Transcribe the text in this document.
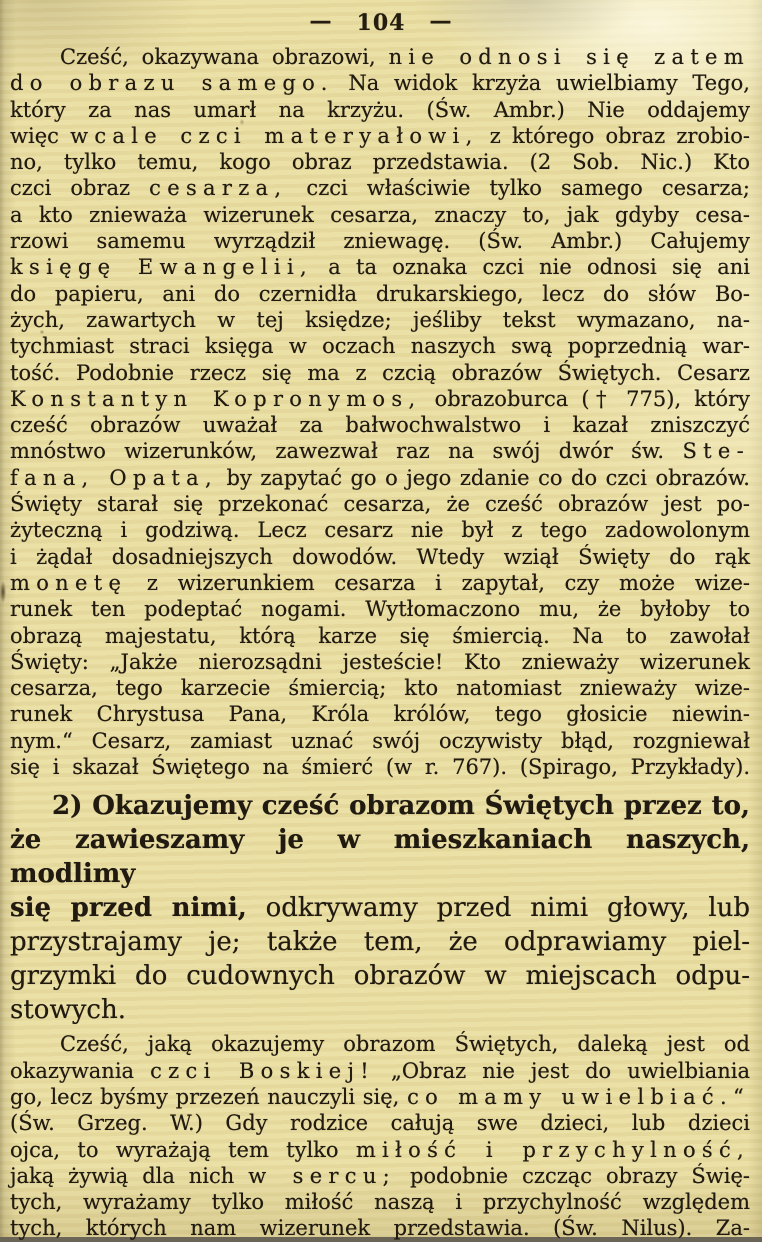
— 104 —
Cześć, okazywana obrazowi, nie odnosi się zatem
do obrazu samego. Na widok krzyża uwielbiamy Tego,
który za nas umarł na krzyżu. (Św. Ambr.) Nie oddajemy
więc wcale czci materyałowi, z którego obraz zrobio-
no, tylko temu, kogo obraz przedstawia. (2 Sob. Nic.) Kto
czci obraz cesarza, czci właściwie tylko samego cesarza;
a kto znieważa wizerunek cesarza, znaczy to, jak gdyby cesa-
rzowi samemu wyrządził zniewagę. (Św. Ambr.) Całujemy
księgę Ewangelii, a ta oznaka czci nie odnosi się ani
do papieru, ani do czernidła drukarskiego, lecz do słów Bo-
żych, zawartych w tej księdze; jeśliby tekst wymazano, na-
tychmiast straci księga w oczach naszych swą poprzednią war-
tość. Podobnie rzecz się ma z czcią obrazów Świętych. Cesarz
Konstantyn Kopronymos, obrazoburca († 775), który
cześć obrazów uważał za bałwochwalstwo i kazał zniszczyć
mnóstwo wizerunków, zawezwał raz na swój dwór św. Ste-
fana, Opata, by zapytać go o jego zdanie co do czci obrazów.
Święty starał się przekonać cesarza, że cześć obrazów jest po-
żyteczną i godziwą. Lecz cesarz nie był z tego zadowolonym
i żądał dosadniejszych dowodów. Wtedy wziął Święty do rąk
monetę z wizerunkiem cesarza i zapytał, czy może wize-
runek ten podeptać nogami. Wytłomaczono mu, że byłoby to
obrazą majestatu, którą karze się śmiercią. Na to zawołał
Święty: „Jakże nierozsądni jesteście! Kto znieważy wizerunek
cesarza, tego karzecie śmiercią; kto natomiast znieważy wize-
runek Chrystusa Pana, Króla królów, tego głosicie niewin-
nym.“ Cesarz, zamiast uznać swój oczywisty błąd, rozgniewał
się i skazał Świętego na śmierć (w r. 767). (Spirago, Przykłady).
2) Okazujemy cześć obrazom Świętych przez to,
że zawieszamy je w mieszkaniach naszych, modlimy
się przed nimi, odkrywamy przed nimi głowy, lub
przystrajamy je; także tem, że odprawiamy piel-
grzymki do cudownych obrazów w miejscach odpu-
stowych.
Cześć, jaką okazujemy obrazom Świętych, daleką jest od
okazywania czci Boskiej! „Obraz nie jest do uwielbiania
go, lecz byśmy przezeń nauczyli się, co mamy uwielbiać.“
(Św. Grzeg. W.) Gdy rodzice całują swe dzieci, lub dzieci
ojca, to wyrażają tem tylko miłość i przychylność,
jaką żywią dla nich w sercu; podobnie czcząc obrazy Świę-
tych, wyrażamy tylko miłość naszą i przychylność względem
tych, których nam wizerunek przedstawia. (Św. Nilus). Za-
